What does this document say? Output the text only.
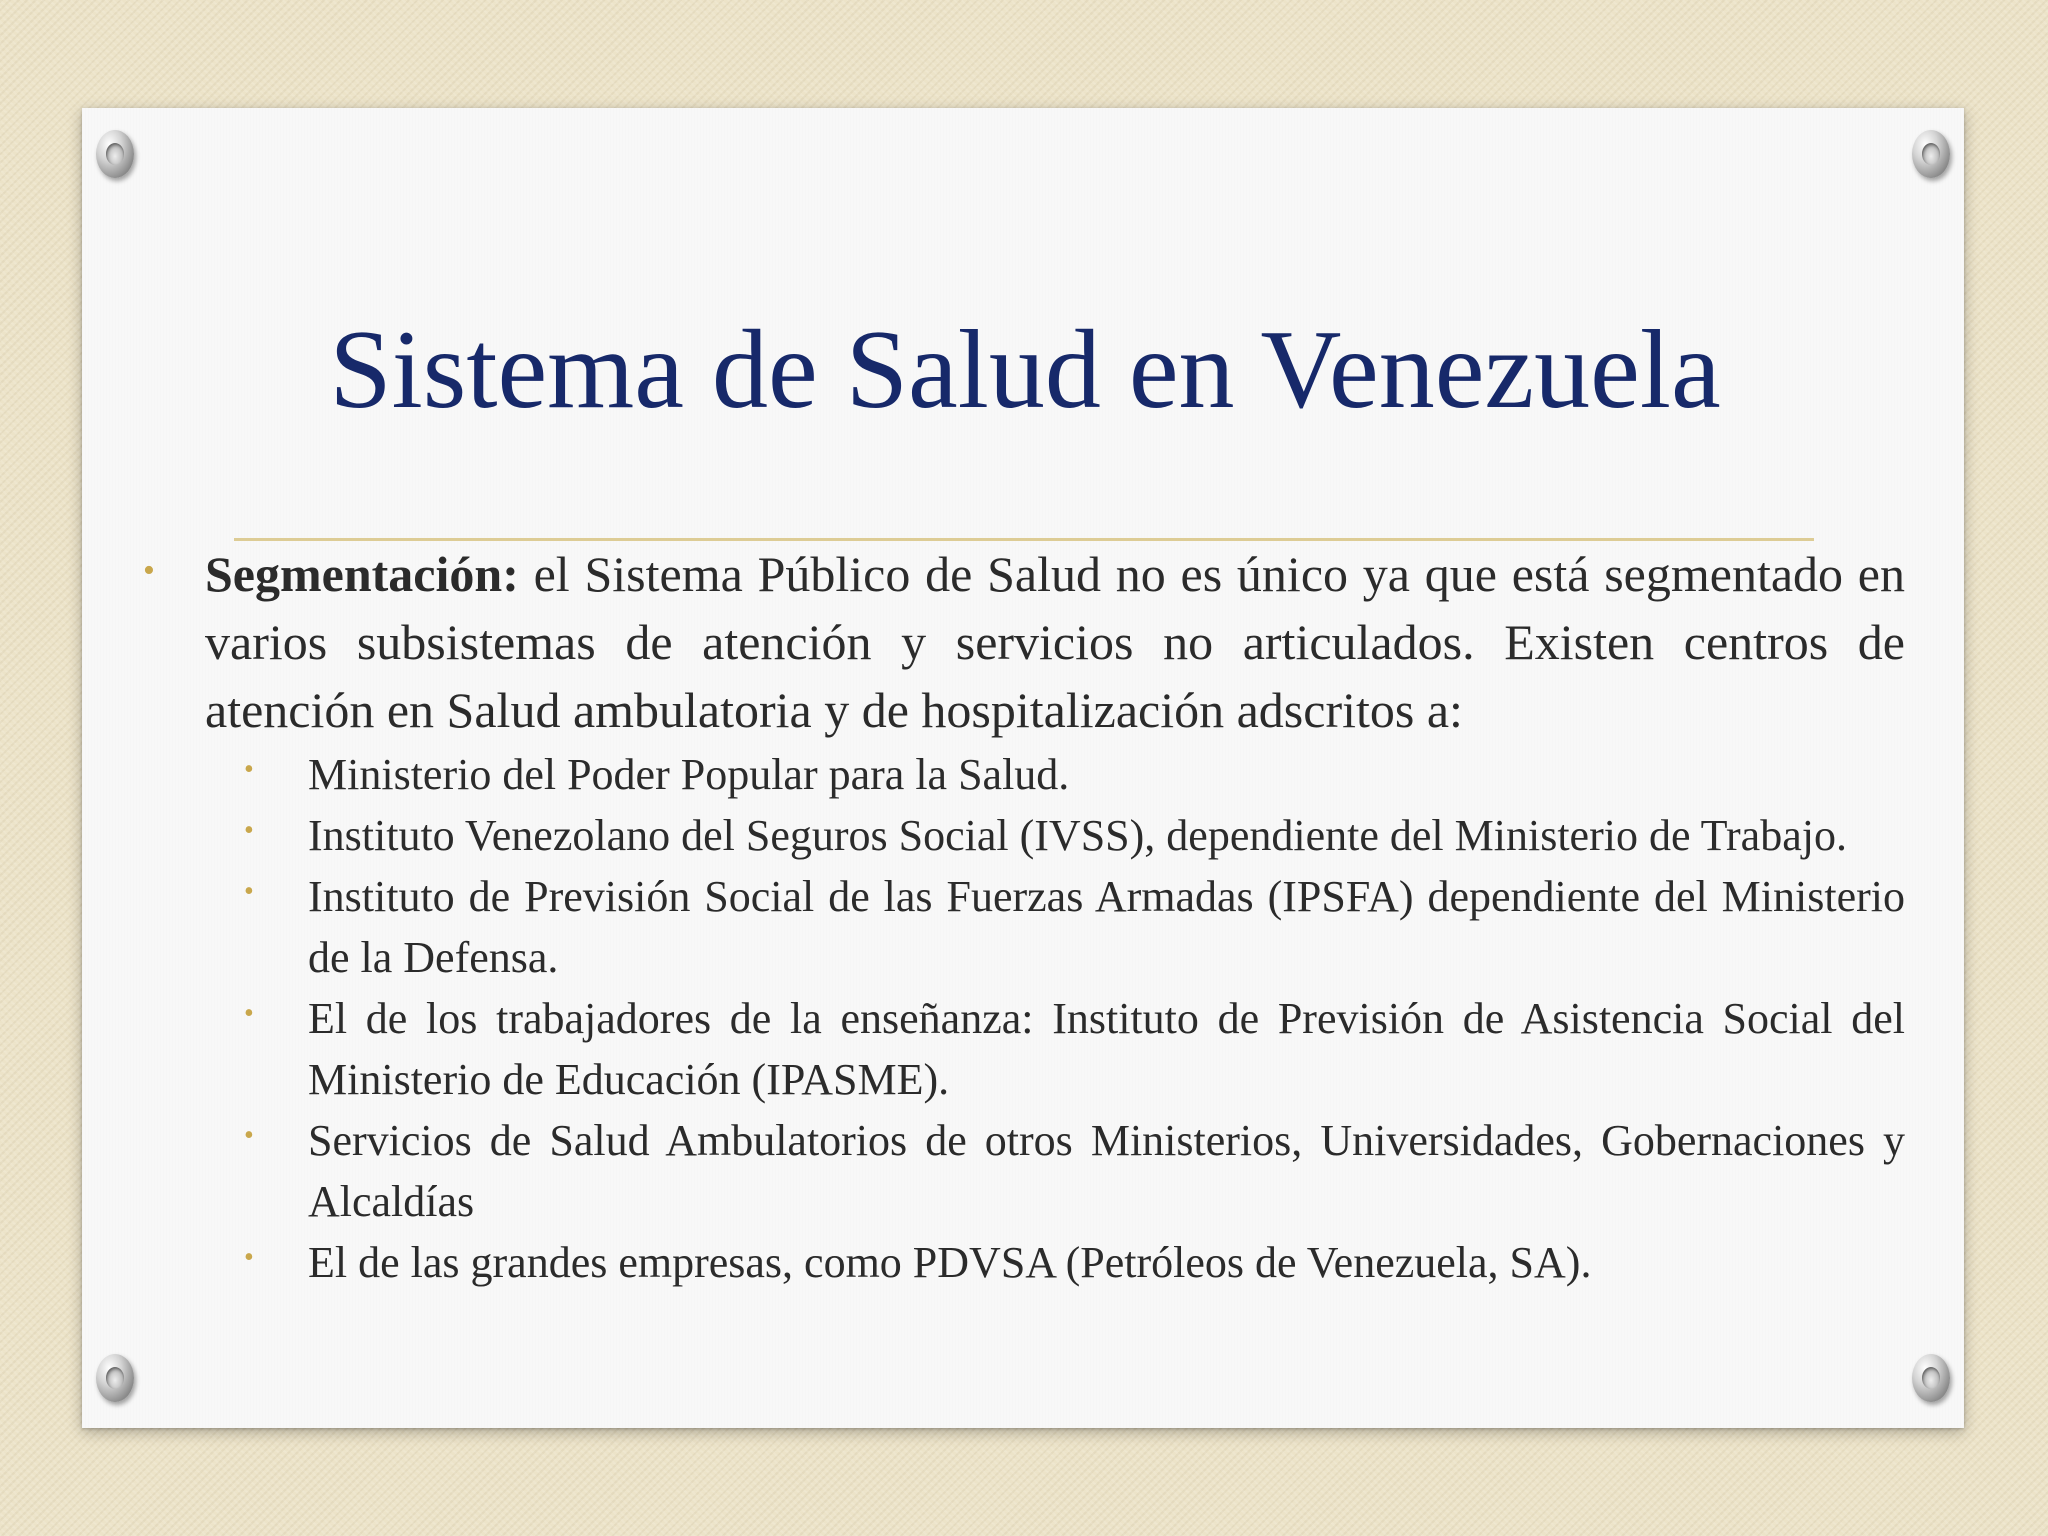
Sistema de Salud en Venezuela
• Segmentación: el Sistema Público de Salud no es único ya que está segmentado en varios subsistemas de atención y servicios no articulados. Existen centros de atención en Salud ambulatoria y de hospitalización adscritos a:
• Ministerio del Poder Popular para la Salud.
• Instituto Venezolano del Seguros Social (IVSS), dependiente del Ministerio de Trabajo.
• Instituto de Previsión Social de las Fuerzas Armadas (IPSFA) dependiente del Ministerio de la Defensa.
• El de los trabajadores de la enseñanza: Instituto de Previsión de Asistencia Social del Ministerio de Educación (IPASME).
• Servicios de Salud Ambulatorios de otros Ministerios, Universidades, Gobernaciones y Alcaldías
• El de las grandes empresas, como PDVSA (Petróleos de Venezuela, SA).
